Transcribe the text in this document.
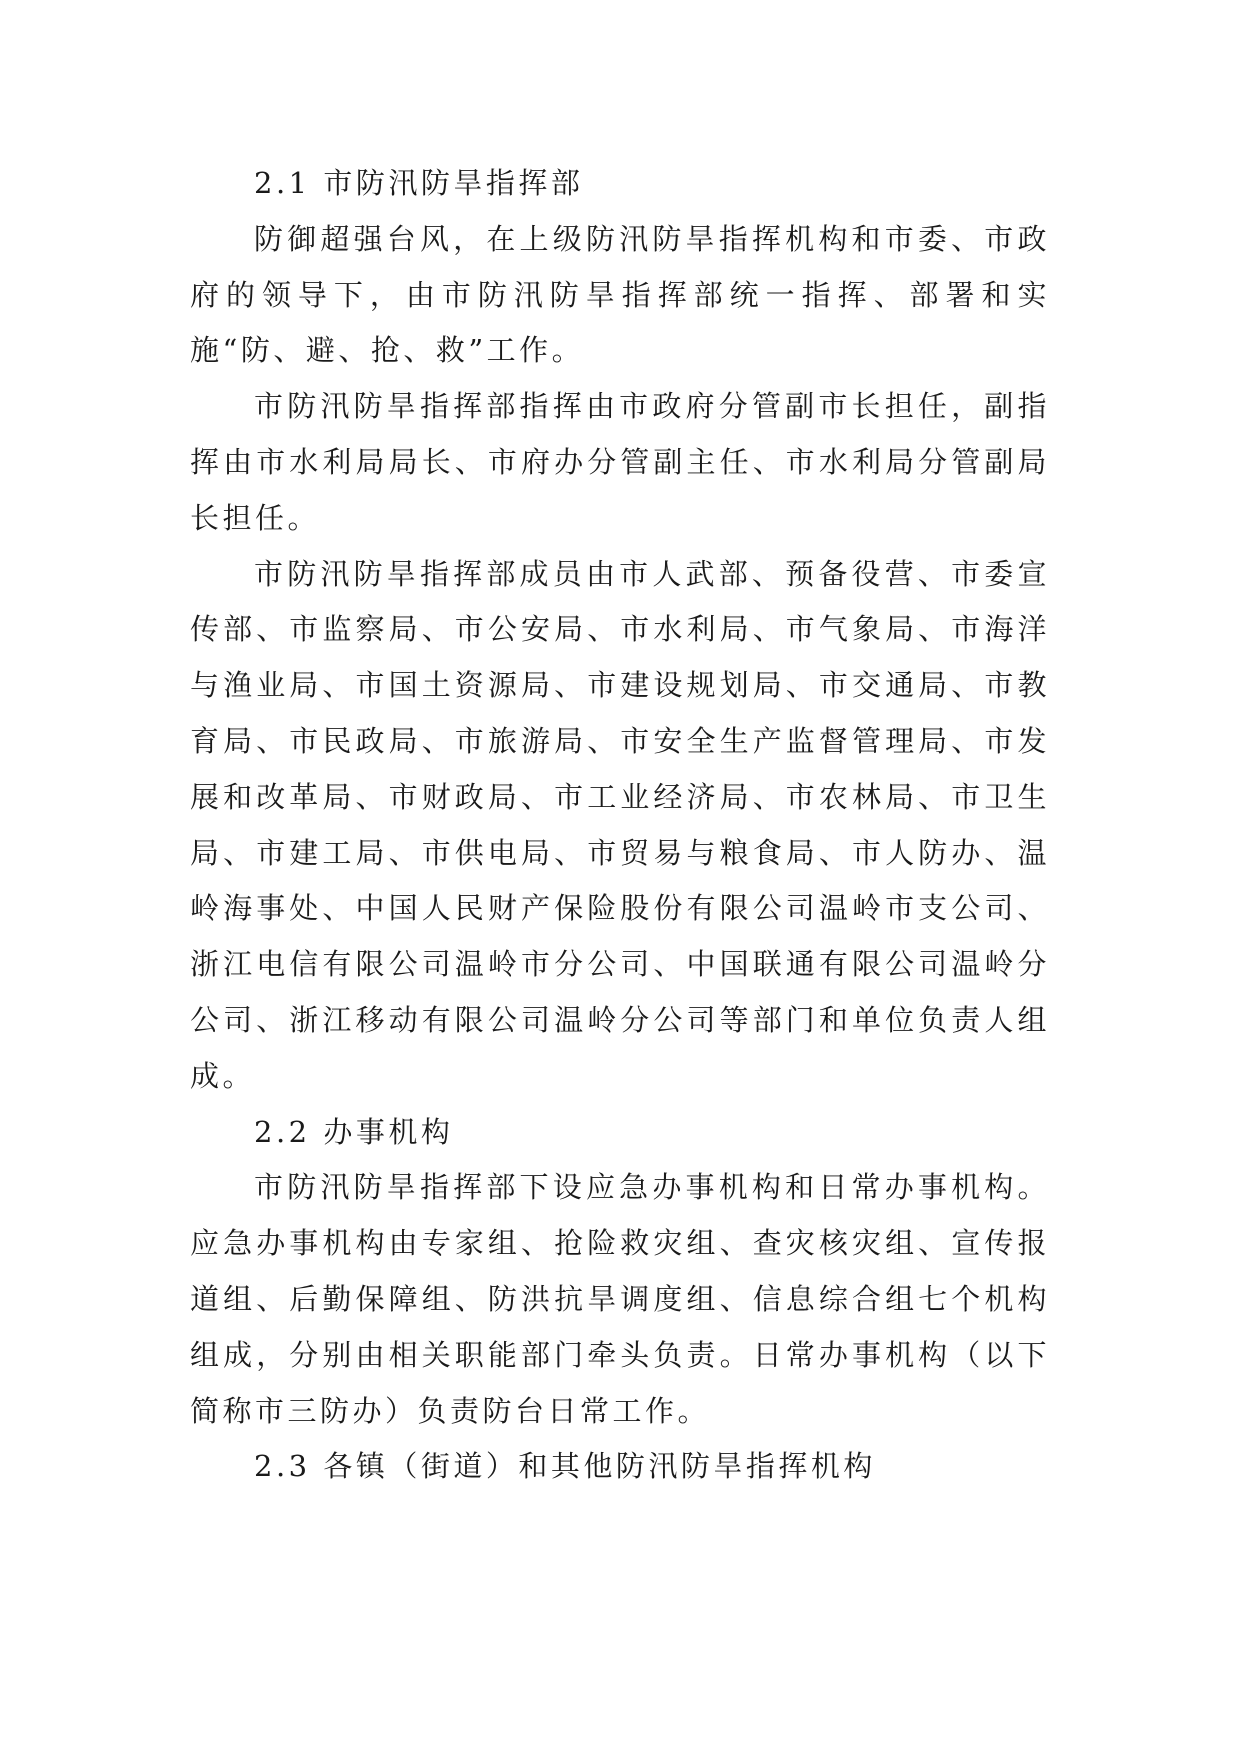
2.1 市防汛防旱指挥部

防御超强台风，在上级防汛防旱指挥机构和市委、市政府的领导下，由市防汛防旱指挥部统一指挥、部署和实施“防、避、抢、救”工作。

市防汛防旱指挥部指挥由市政府分管副市长担任，副指挥由市水利局局长、市府办分管副主任、市水利局分管副局长担任。

市防汛防旱指挥部成员由市人武部、预备役营、市委宣传部、市监察局、市公安局、市水利局、市气象局、市海洋与渔业局、市国土资源局、市建设规划局、市交通局、市教育局、市民政局、市旅游局、市安全生产监督管理局、市发展和改革局、市财政局、市工业经济局、市农林局、市卫生局、市建工局、市供电局、市贸易与粮食局、市人防办、温岭海事处、中国人民财产保险股份有限公司温岭市支公司、浙江电信有限公司温岭市分公司、中国联通有限公司温岭分公司、浙江移动有限公司温岭分公司等部门和单位负责人组成。

2.2 办事机构

市防汛防旱指挥部下设应急办事机构和日常办事机构。应急办事机构由专家组、抢险救灾组、查灾核灾组、宣传报道组、后勤保障组、防洪抗旱调度组、信息综合组七个机构组成，分别由相关职能部门牵头负责。日常办事机构（以下简称市三防办）负责防台日常工作。

2.3 各镇（街道）和其他防汛防旱指挥机构
